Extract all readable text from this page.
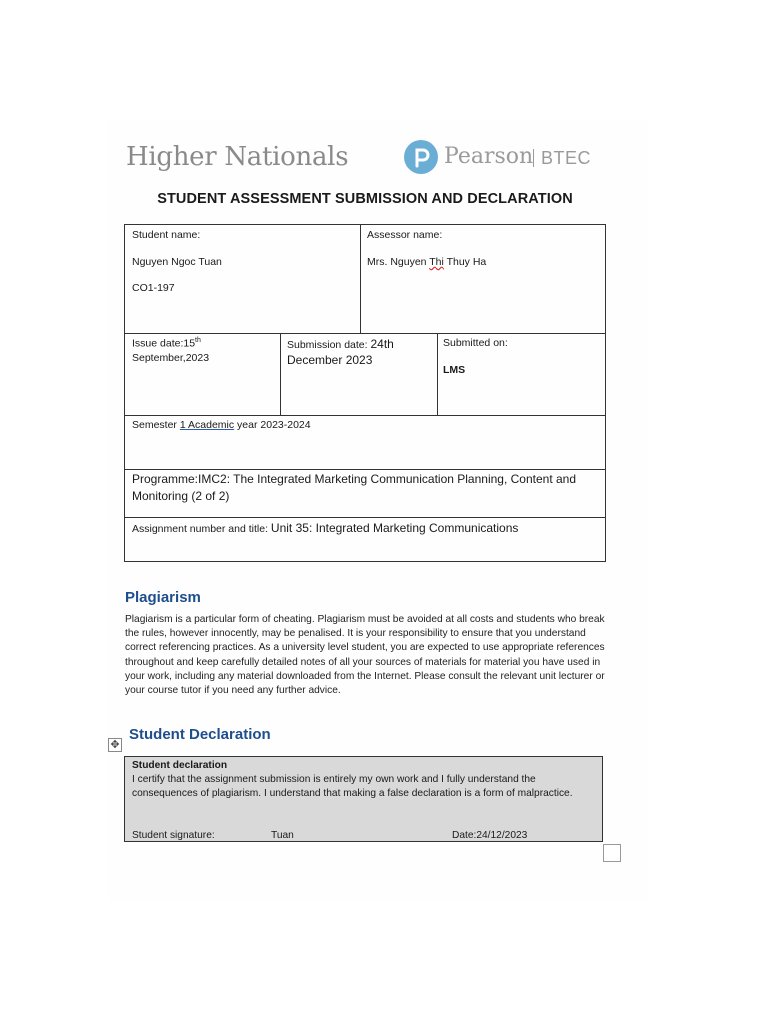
Higher Nationals	Pearson BTEC
STUDENT ASSESSMENT SUBMISSION AND DECLARATION
Student name:
Nguyen Ngoc Tuan
CO1-197
Assessor name:
Mrs. Nguyen Thi Thuy Ha
Issue date:15th
September,2023
Submission date: 24th
December 2023
Submitted on:
LMS
Semester 1 Academic year 2023-2024
Programme:IMC2: The Integrated Marketing Communication Planning, Content and
Monitoring (2 of 2)
Assignment number and title: Unit 35: Integrated Marketing Communications
Plagiarism
Plagiarism is a particular form of cheating. Plagiarism must be avoided at all costs and students who break the rules, however innocently, may be penalised. It is your responsibility to ensure that you understand correct referencing practices. As a university level student, you are expected to use appropriate references throughout and keep carefully detailed notes of all your sources of materials for material you have used in your work, including any material downloaded from the Internet. Please consult the relevant unit lecturer or your course tutor if you need any further advice.
✥
Student Declaration
Student declaration
I certify that the assignment submission is entirely my own work and I fully understand the consequences of plagiarism. I understand that making a false declaration is a form of malpractice.
Student signature:	Tuan	Date:24/12/2023
